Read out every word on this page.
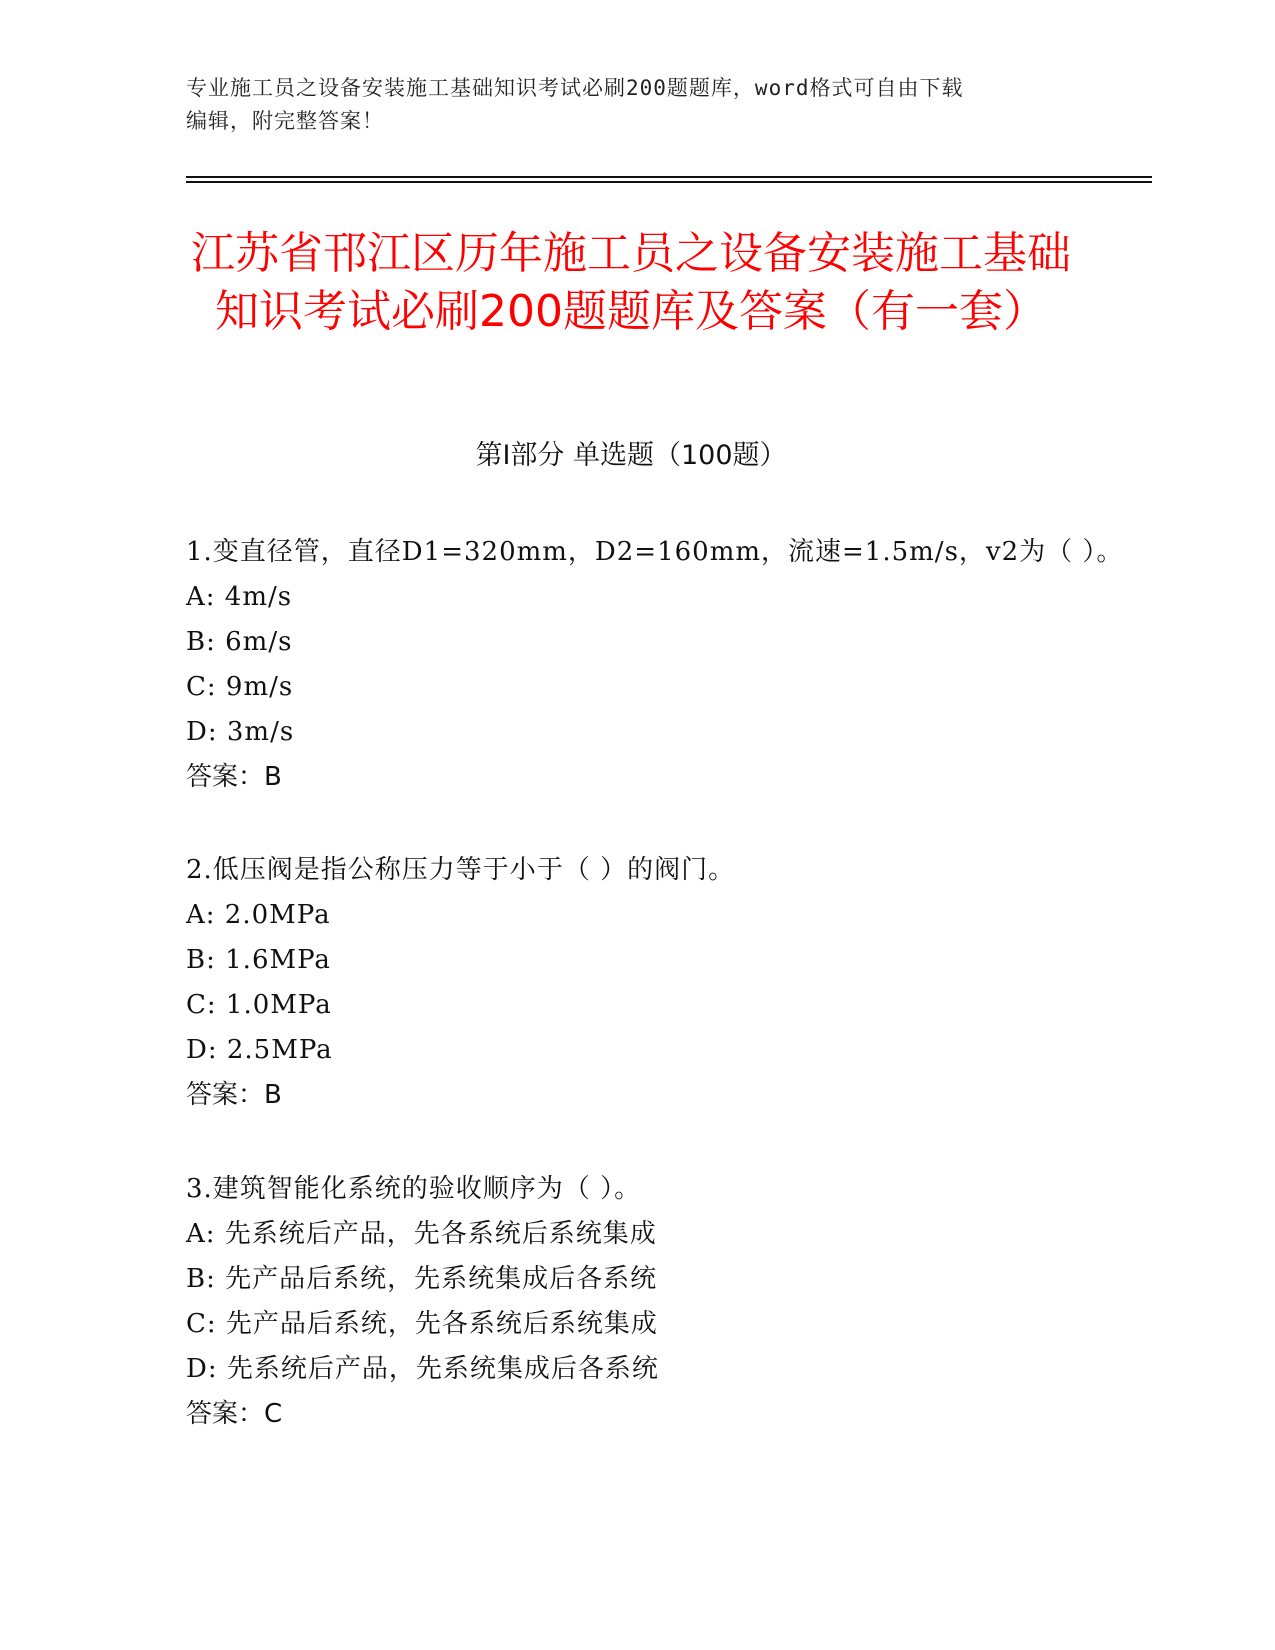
专业施工员之设备安装施工基础知识考试必刷200题题库，word格式可自由下载
编辑，附完整答案！
江苏省邗江区历年施工员之设备安装施工基础知识考试必刷200题题库及答案（有一套）
第I部分 单选题（100题）
1.变直径管，直径D1=320mm，D2=160mm，流速=1.5m/s，v2为（ ）。
A: 4m/s
B: 6m/s
C: 9m/s
D: 3m/s
答案：B
2.低压阀是指公称压力等于小于（ ）的阀门。
A: 2.0MPa
B: 1.6MPa
C: 1.0MPa
D: 2.5MPa
答案：B
3.建筑智能化系统的验收顺序为（ ）。
A: 先系统后产品，先各系统后系统集成
B: 先产品后系统，先系统集成后各系统
C: 先产品后系统，先各系统后系统集成
D: 先系统后产品，先系统集成后各系统
答案：C
